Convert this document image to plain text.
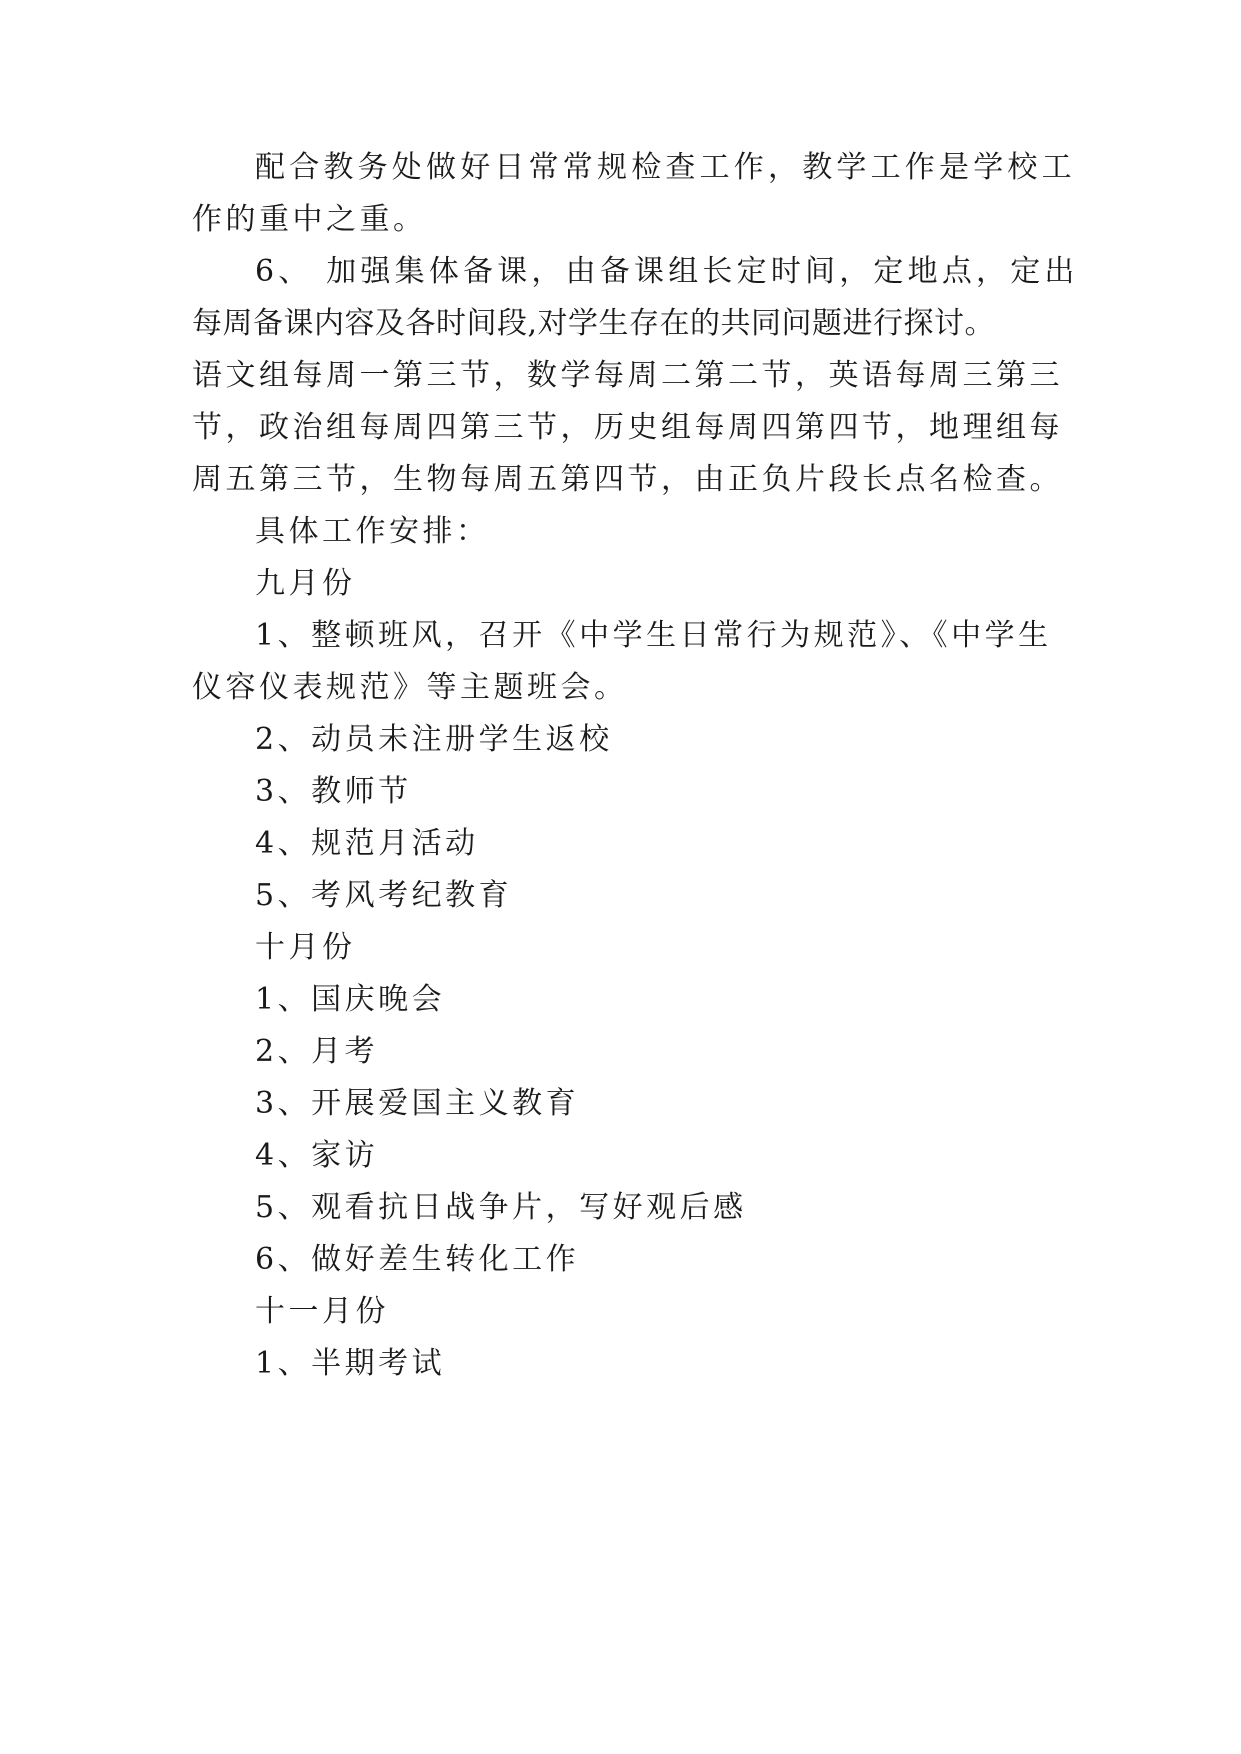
配合教务处做好日常常规检查工作，教学工作是学校工
作的重中之重。
6、 加强集体备课，由备课组长定时间，定地点，定出
每周备课内容及各时间段,对学生存在的共同问题进行探讨。
语文组每周一第三节，数学每周二第二节，英语每周三第三
节，政治组每周四第三节，历史组每周四第四节，地理组每
周五第三节，生物每周五第四节，由正负片段长点名检查。
具体工作安排：
九月份
1、整顿班风，召开《中学生日常行为规范》、《中学生
仪容仪表规范》等主题班会。
2、动员未注册学生返校
3、教师节
4、规范月活动
5、考风考纪教育
十月份
1、国庆晚会
2、月考
3、开展爱国主义教育
4、家访
5、观看抗日战争片，写好观后感
6、做好差生转化工作
十一月份
1、半期考试
